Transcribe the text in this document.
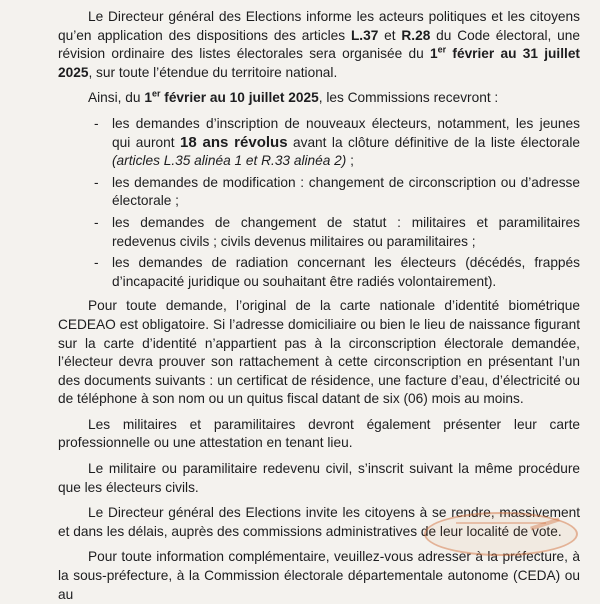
Le Directeur général des Elections informe les acteurs politiques et les citoyens qu’en application des dispositions des articles L.37 et R.28 du Code électoral, une révision ordinaire des listes électorales sera organisée du 1er février au 31 juillet 2025, sur toute l’étendue du territoire national.

Ainsi, du 1er février au 10 juillet 2025, les Commissions recevront :

- les demandes d’inscription de nouveaux électeurs, notamment, les jeunes qui auront 18 ans révolus avant la clôture définitive de la liste électorale (articles L.35 alinéa 1 et R.33 alinéa 2) ;
- les demandes de modification : changement de circonscription ou d’adresse électorale ;
- les demandes de changement de statut : militaires et paramilitaires redevenus civils ; civils devenus militaires ou paramilitaires ;
- les demandes de radiation concernant les électeurs (décédés, frappés d’incapacité juridique ou souhaitant être radiés volontairement).

Pour toute demande, l’original de la carte nationale d’identité biométrique CEDEAO est obligatoire. Si l’adresse domiciliaire ou bien le lieu de naissance figurant sur la carte d’identité n’appartient pas à la circonscription électorale demandée, l’électeur devra prouver son rattachement à cette circonscription en présentant l’un des documents suivants : un certificat de résidence, une facture d’eau, d’électricité ou de téléphone à son nom ou un quitus fiscal datant de six (06) mois au moins.

Les militaires et paramilitaires devront également présenter leur carte professionnelle ou une attestation en tenant lieu.

Le militaire ou paramilitaire redevenu civil, s’inscrit suivant la même procédure que les électeurs civils.

Le Directeur général des Elections invite les citoyens à se rendre, massivement et dans les délais, auprès des commissions administratives de leur localité de vote.

Pour toute information complémentaire, veuillez-vous adresser à la préfecture, à la sous-préfecture, à la Commission électorale départementale autonome (CEDA) ou au
